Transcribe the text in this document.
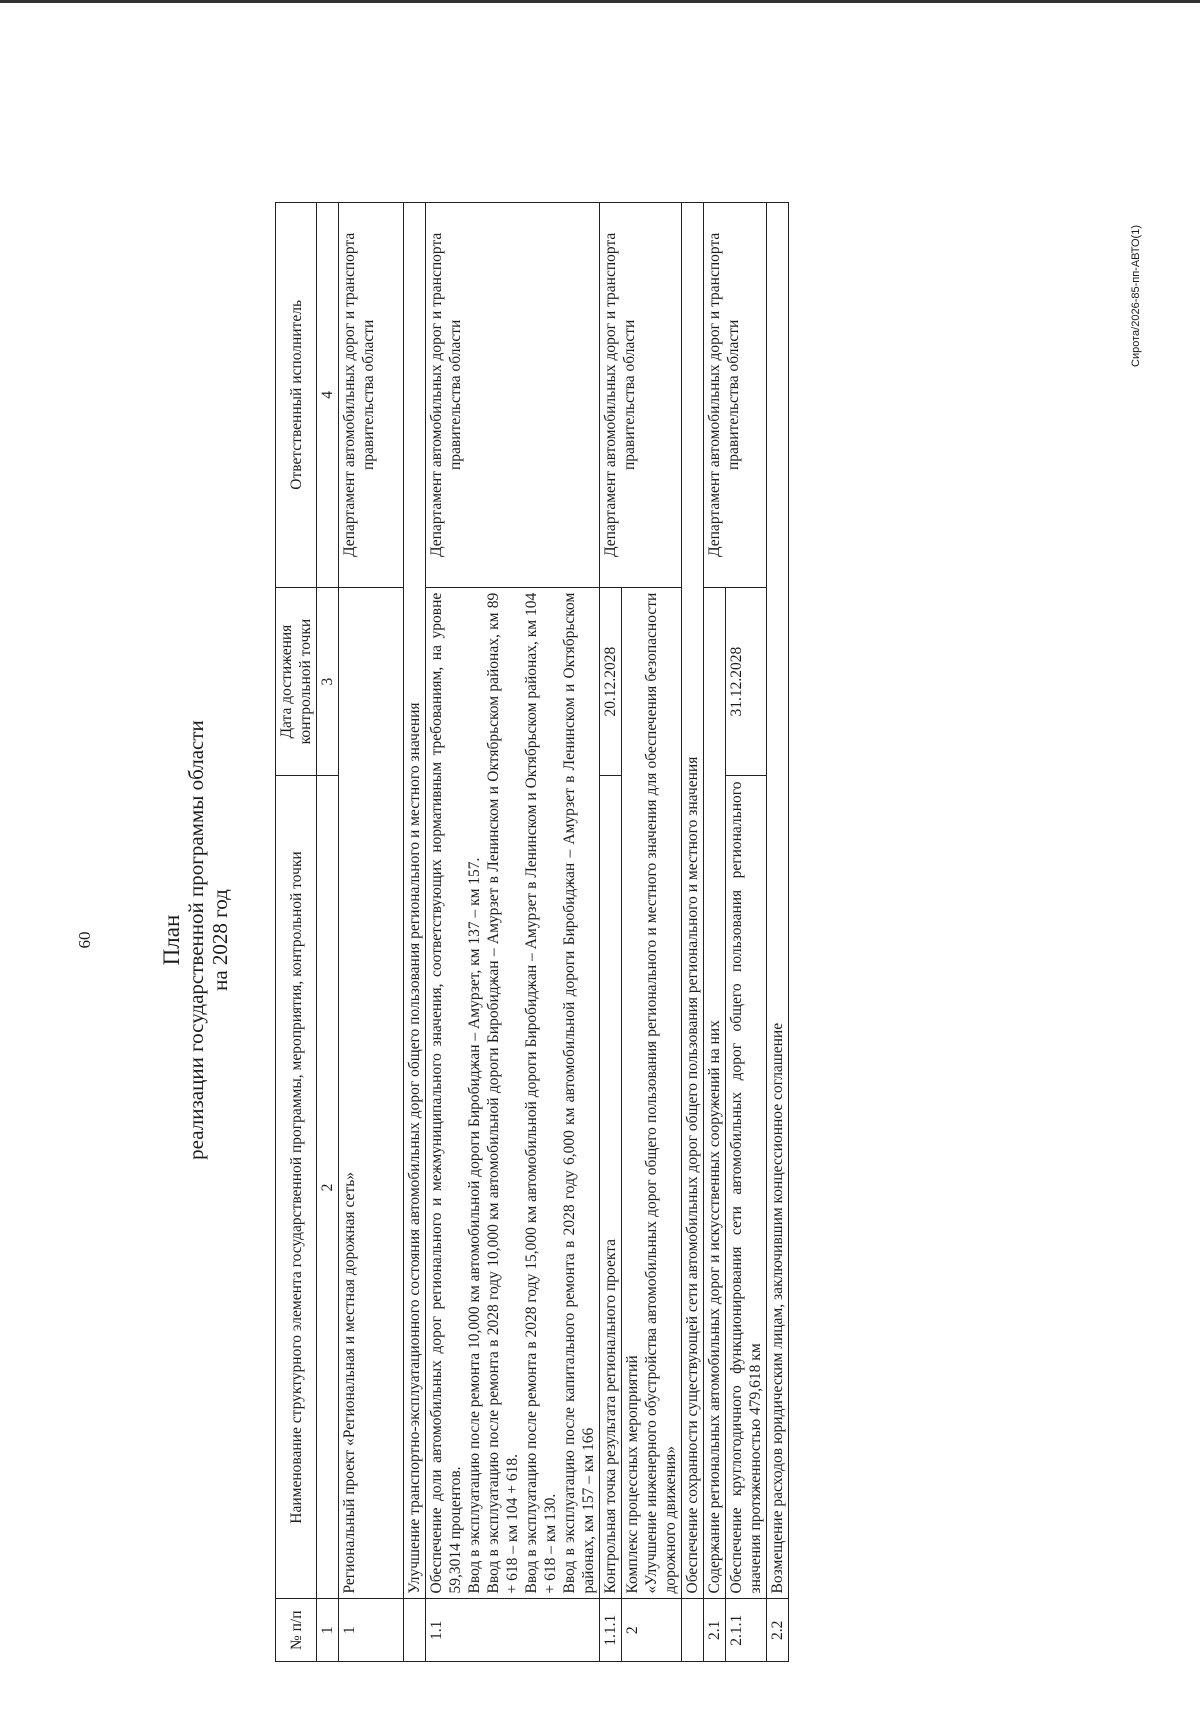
60	План реализации государственной программы области на 2028 год
№ п/п	Наименование структурного элемента государственной программы, мероприятия, контрольной точки	Дата достижения контрольной точки	Ответственный исполнитель
1	2	3	4
1	Региональный проект «Региональная и местная дорожная сеть»		Департамент автомобильных дорог и транспорта правительства области
	Улучшение транспортно-эксплуатационного состояния автомобильных дорог общего пользования регионального и местного значения		
1.1	Обеспечение доли автомобильных дорог регионального и межмуниципального значения, соответствующих нормативным требованиям, на уровне 59,3014 процентов. Ввод в эксплуатацию после ремонта 10,000 км автомобильной дороги Биробиджан – Амурзет, км 137 – км 157. Ввод в эксплуатацию после ремонта в 2028 году 10,000 км автомобильной дороги Биробиджан – Амурзет в Ленинском и Октябрьском районах, км 89 + 618 – км 104 + 618. Ввод в эксплуатацию после ремонта в 2028 году 15,000 км автомобильной дороги Биробиджан – Амурзет в Ленинском и Октябрьском районах, км 104 + 618 – км 130. Ввод в эксплуатацию после капитального ремонта в 2028 году 6,000 км автомобильной дороги Биробиджан – Амурзет в Ленинском и Октябрьском районах, км 157 – км 166		Департамент автомобильных дорог и транспорта правительства области
1.1.1	Контрольная точка результата регионального проекта	20.12.2028	Департамент автомобильных дорог и транспорта правительства области
2	Комплекс процессных мероприятий «Улучшение инженерного обустройства автомобильных дорог общего пользования регионального и местного значения для обеспечения безопасности дорожного движения»		

	Обеспечение сохранности существующей сети автомобильных дорог общего пользования регионального и местного значения		
2.1	Содержание региональных автомобильных дорог и искусственных сооружений на них		Департамент автомобильных дорог и транспорта правительства области
2.1.1	Обеспечение круглогодичного функционирования сети автомобильных дорог общего пользования регионального значения протяженностью 479,618 км	31.12.2028	
2.2	Возмещение расходов юридическим лицам, заключившим концессионное соглашение		
Сирота/2026-85-пп-АВТО(1)
